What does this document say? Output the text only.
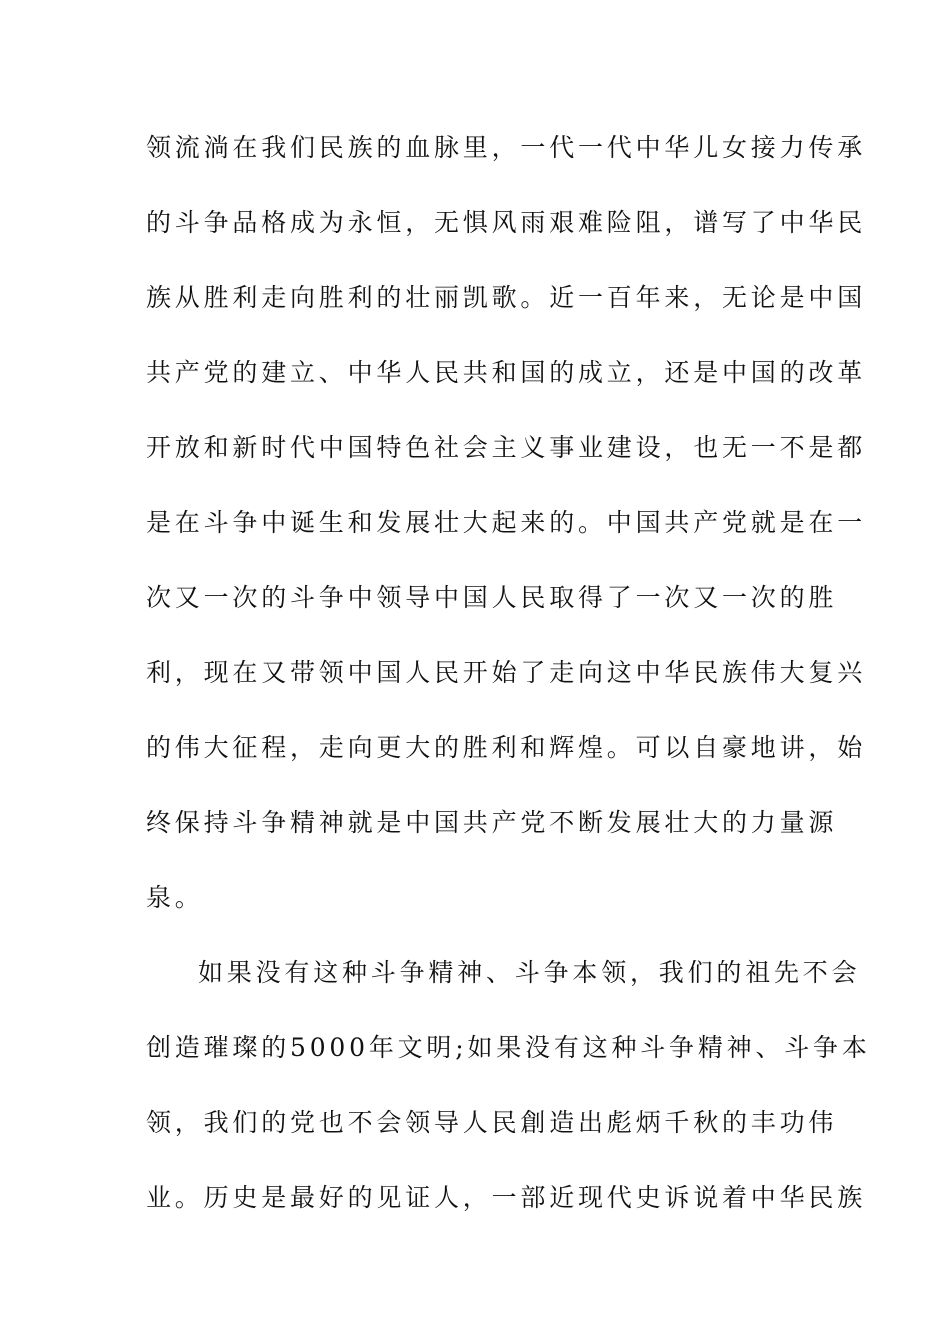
领流淌在我们民族的血脉里，一代一代中华儿女接力传承
的斗争品格成为永恒，无惧风雨艰难险阻，谱写了中华民
族从胜利走向胜利的壮丽凯歌。近一百年来，无论是中国
共产党的建立、中华人民共和国的成立，还是中国的改革
开放和新时代中国特色社会主义事业建设，也无一不是都
是在斗争中诞生和发展壮大起来的。中国共产党就是在一
次又一次的斗争中领导中国人民取得了一次又一次的胜
利，现在又带领中国人民开始了走向这中华民族伟大复兴
的伟大征程，走向更大的胜利和辉煌。可以自豪地讲，始
终保持斗争精神就是中国共产党不断发展壮大的力量源
泉。
如果没有这种斗争精神、斗争本领，我们的祖先不会
创造璀璨的5000年文明;如果没有这种斗争精神、斗争本
领，我们的党也不会领导人民創造出彪炳千秋的丰功伟
业。历史是最好的见证人，一部近现代史诉说着中华民族
